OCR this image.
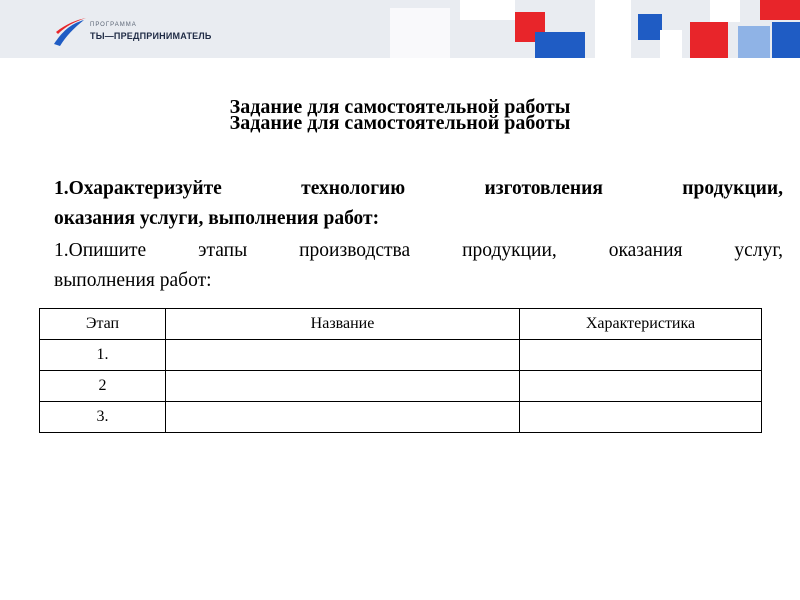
ПРОГРАММА
ТЫ—ПРЕДПРИНИМАТЕЛЬ
Задание для самостоятельной работы
Задание для самостоятельной работы
1.Охарактеризуйте технологию изготовления продукции,
оказания услуги, выполнения работ:
1.Опишите этапы производства продукции, оказания услуг,
выполнения работ:
Этап	Название	Характеристика
1.		
2		
3.		
